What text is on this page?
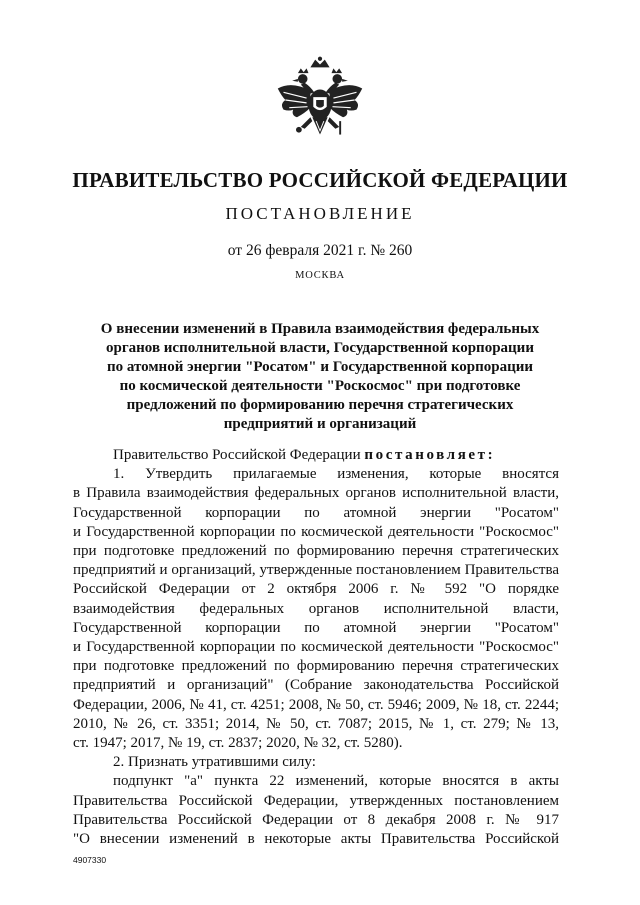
ПРАВИТЕЛЬСТВО РОССИЙСКОЙ ФЕДЕРАЦИИ
ПОСТАНОВЛЕНИЕ
от 26 февраля 2021 г. № 260
МОСКВА
О внесении изменений в Правила взаимодействия федеральных
органов исполнительной власти, Государственной корпорации
по атомной энергии "Росатом" и Государственной корпорации
по космической деятельности "Роскосмос" при подготовке
предложений по формированию перечня стратегических
предприятий и организаций
Правительство Российской Федерации постановляет:
1. Утвердить прилагаемые изменения, которые вносятся
в Правила взаимодействия федеральных органов исполнительной власти,
Государственной корпорации по атомной энергии "Росатом"
и Государственной корпорации по космической деятельности "Роскосмос"
при подготовке предложений по формированию перечня стратегических
предприятий и организаций, утвержденные постановлением Правительства
Российской Федерации от 2 октября 2006 г. № 592 "О порядке
взаимодействия федеральных органов исполнительной власти,
Государственной корпорации по атомной энергии "Росатом"
и Государственной корпорации по космической деятельности "Роскосмос"
при подготовке предложений по формированию перечня стратегических
предприятий и организаций" (Собрание законодательства Российской
Федерации, 2006, № 41, ст. 4251; 2008, № 50, ст. 5946; 2009, № 18, ст. 2244;
2010, № 26, ст. 3351; 2014, № 50, ст. 7087; 2015, № 1, ст. 279; № 13,
ст. 1947; 2017, № 19, ст. 2837; 2020, № 32, ст. 5280).
2. Признать утратившими силу:
подпункт "а" пункта 22 изменений, которые вносятся в акты
Правительства Российской Федерации, утвержденных постановлением
Правительства Российской Федерации от 8 декабря 2008 г. № 917
"О внесении изменений в некоторые акты Правительства Российской
4907330
